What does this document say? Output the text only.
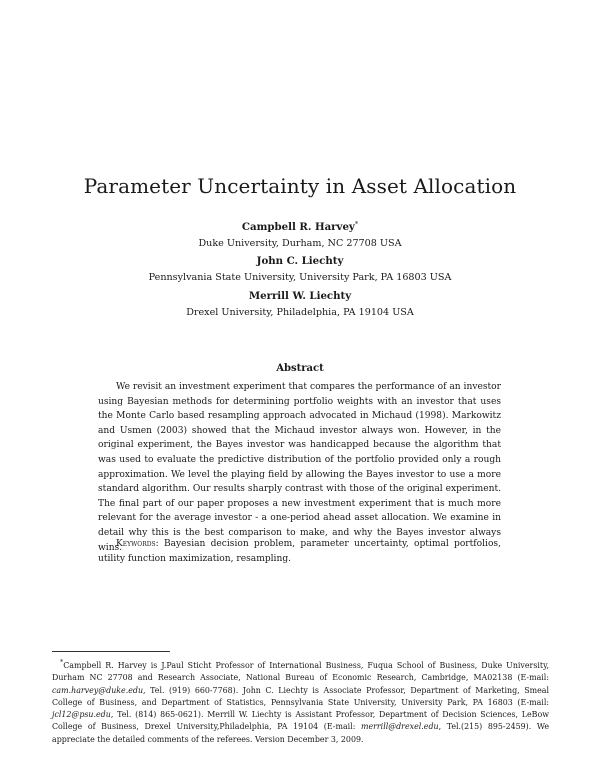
Parameter Uncertainty in Asset Allocation
Campbell R. Harvey*
Duke University, Durham, NC 27708 USA
John C. Liechty
Pennsylvania State University, University Park, PA 16803 USA
Merrill W. Liechty
Drexel University, Philadelphia, PA 19104 USA
Abstract

We revisit an investment experiment that compares the performance of an investor using Bayesian methods for determining portfolio weights with an investor that uses the Monte Carlo based resampling approach advocated in Michaud (1998). Markowitz and Usmen (2003) showed that the Michaud investor always won. However, in the original experiment, the Bayes investor was handicapped because the algorithm that was used to evaluate the predictive distribution of the portfolio provided only a rough approximation. We level the playing field by allowing the Bayes investor to use a more standard algorithm. Our results sharply contrast with those of the original experiment. The final part of our paper proposes a new investment experiment that is much more relevant for the average investor - a one-period ahead asset allocation. We examine in detail why this is the best comparison to make, and why the Bayes investor always wins.

Keywords: Bayesian decision problem, parameter uncertainty, optimal portfolios, utility function maximization, resampling.

*Campbell R. Harvey is J.Paul Sticht Professor of International Business, Fuqua School of Business, Duke University, Durham NC 27708 and Research Associate, National Bureau of Economic Research, Cambridge, MA02138 (E-mail: cam.harvey@duke.edu, Tel. (919) 660-7768). John C. Liechty is Associate Professor, Department of Marketing, Smeal College of Business, and Department of Statistics, Pennsylvania State University, University Park, PA 16803 (E-mail: jcl12@psu.edu, Tel. (814) 865-0621). Merrill W. Liechty is Assistant Professor, Department of Decision Sciences, LeBow College of Business, Drexel University,Philadelphia, PA 19104 (E-mail: merrill@drexel.edu, Tel.(215) 895-2459). We appreciate the detailed comments of the referees. Version December 3, 2009.
